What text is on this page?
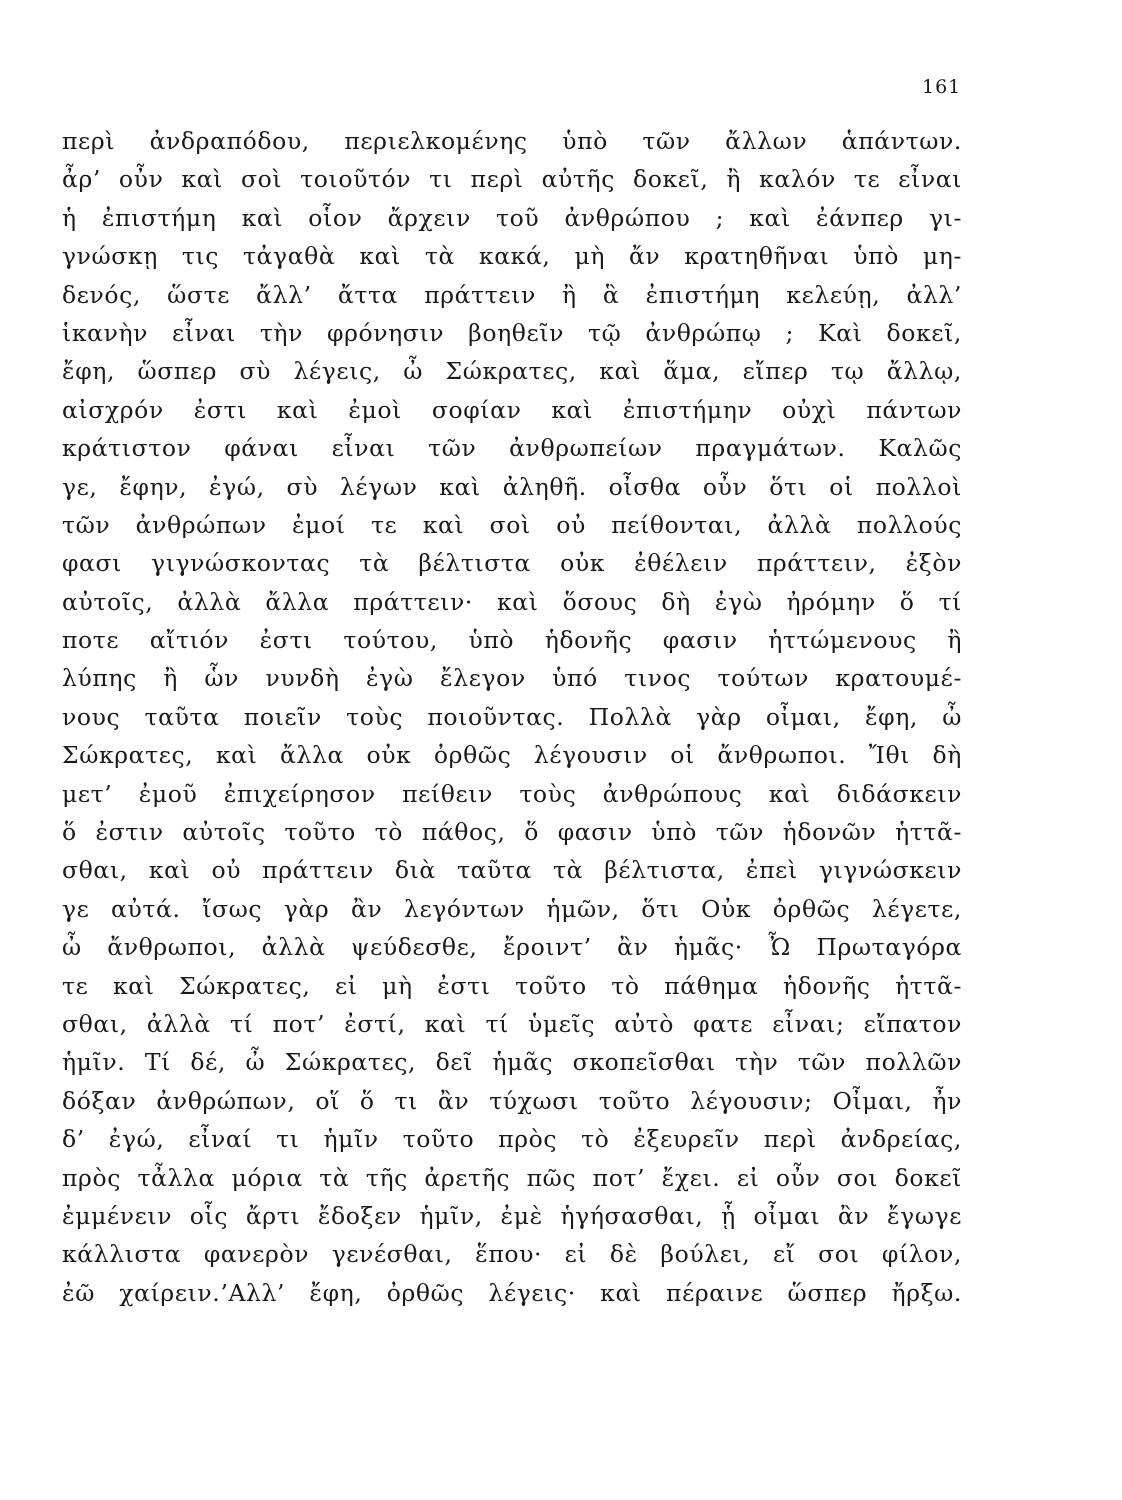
161
περὶ ἀνδραπόδου, περιελκομένης ὑπὸ τῶν ἄλλων ἁπάντων.
ἆρ’ οὖν καὶ σοὶ τοιοῦτόν τι περὶ αὐτῆς δοκεῖ, ἢ καλόν τε εἶναι
ἡ ἐπιστήμη καὶ οἷον ἄρχειν τοῦ ἀνθρώπου ; καὶ ἐάνπερ γι-
γνώσκῃ τις τἀγαθὰ καὶ τὰ κακά, μὴ ἄν κρατηθῆναι ὑπὸ μη-
δενός, ὥστε ἄλλ’ ἄττα πράττειν ἢ ἃ ἐπιστήμη κελεύῃ, ἀλλ’
ἱκανὴν εἶναι τὴν φρόνησιν βοηθεῖν τῷ ἀνθρώπῳ ; Καὶ δοκεῖ,
ἔφη, ὥσπερ σὺ λέγεις, ὦ Σώκρατες, καὶ ἅμα, εἴπερ τῳ ἄλλῳ,
αἰσχρόν ἐστι καὶ ἐμοὶ σοφίαν καὶ ἐπιστήμην οὐχὶ πάντων
κράτιστον φάναι εἶναι τῶν ἀνθρωπείων πραγμάτων. Καλῶς
γε, ἔφην, ἐγώ, σὺ λέγων καὶ ἀληθῆ. οἶσθα οὖν ὅτι οἱ πολλοὶ
τῶν ἀνθρώπων ἐμοί τε καὶ σοὶ οὐ πείθονται, ἀλλὰ πολλούς
φασι γιγνώσκοντας τὰ βέλτιστα οὐκ ἐθέλειν πράττειν, ἐξὸν
αὐτοῖς, ἀλλὰ ἄλλα πράττειν· καὶ ὅσους δὴ ἐγὼ ἠρόμην ὅ τί
ποτε αἴτιόν ἐστι τούτου, ὑπὸ ἡδονῆς φασιν ἡττώμενους ἢ
λύπης ἢ ὧν νυνδὴ ἐγὼ ἔλεγον ὑπό τινος τούτων κρατουμέ-
νους ταῦτα ποιεῖν τοὺς ποιοῦντας. Πολλὰ γὰρ οἶμαι, ἔφη, ὦ
Σώκρατες, καὶ ἄλλα οὐκ ὀρθῶς λέγουσιν οἱ ἄνθρωποι. Ἴθι δὴ
μετ’ ἐμοῦ ἐπιχείρησον πείθειν τοὺς ἀνθρώπους καὶ διδάσκειν
ὅ ἐστιν αὐτοῖς τοῦτο τὸ πάθος, ὅ φασιν ὑπὸ τῶν ἡδονῶν ἡττᾶ-
σθαι, καὶ οὐ πράττειν διὰ ταῦτα τὰ βέλτιστα, ἐπεὶ γιγνώσκειν
γε αὐτά. ἴσως γὰρ ἂν λεγόντων ἡμῶν, ὅτι Οὐκ ὀρθῶς λέγετε,
ὦ ἄνθρωποι, ἀλλὰ ψεύδεσθε, ἔροιντ’ ἂν ἡμᾶς· Ὦ Πρωταγόρα
τε καὶ Σώκρατες, εἰ μὴ ἐστι τοῦτο τὸ πάθημα ἡδονῆς ἡττᾶ-
σθαι, ἀλλὰ τί ποτ’ ἐστί, καὶ τί ὑμεῖς αὐτὸ φατε εἶναι; εἴπατον
ἡμῖν. Τί δέ, ὦ Σώκρατες, δεῖ ἡμᾶς σκοπεῖσθαι τὴν τῶν πολλῶν
δόξαν ἀνθρώπων, οἵ ὅ τι ἂν τύχωσι τοῦτο λέγουσιν; Οἶμαι, ἦν
δ’ ἐγώ, εἶναί τι ἡμῖν τοῦτο πρὸς τὸ ἐξευρεῖν περὶ ἀνδρείας,
πρὸς τἆλλα μόρια τὰ τῆς ἀρετῆς πῶς ποτ’ ἔχει. εἰ οὖν σοι δοκεῖ
ἐμμένειν οἷς ἄρτι ἔδοξεν ἡμῖν, ἐμὲ ἡγήσασθαι, ᾗ οἶμαι ἂν ἔγωγε
κάλλιστα φανερὸν γενέσθαι, ἕπου· εἰ δὲ βούλει, εἴ σοι φίλον,
ἐῶ χαίρειν.’Αλλ’ ἔφη, ὀρθῶς λέγεις· καὶ πέραινε ὥσπερ ἤρξω.
